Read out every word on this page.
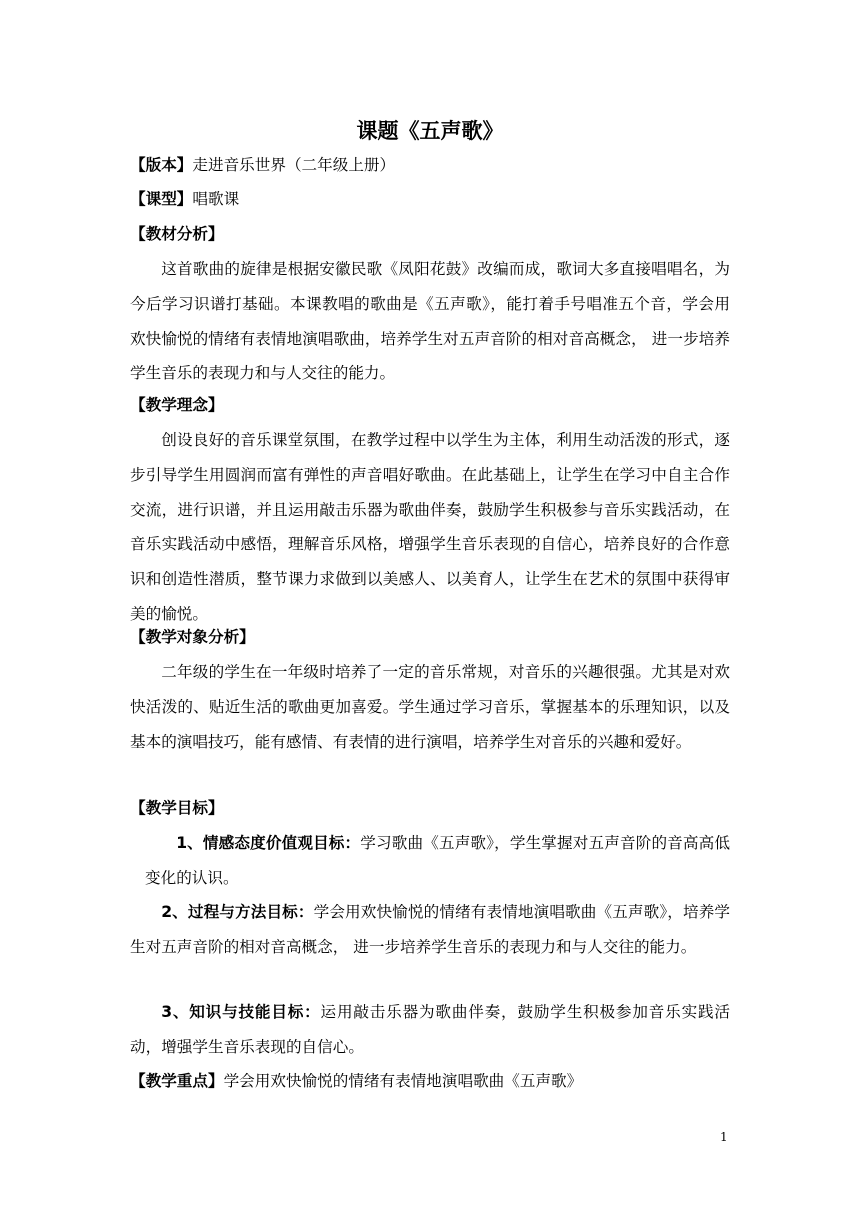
课题《五声歌》
【版本】走进音乐世界（二年级上册）
【课型】唱歌课
【教材分析】
这首歌曲的旋律是根据安徽民歌《凤阳花鼓》改编而成，歌词大多直接唱唱名，为今后学习识谱打基础。本课教唱的歌曲是《五声歌》，能打着手号唱准五个音，学会用欢快愉悦的情绪有表情地演唱歌曲，培养学生对五声音阶的相对音高概念， 进一步培养学生音乐的表现力和与人交往的能力。
【教学理念】
创设良好的音乐课堂氛围，在教学过程中以学生为主体，利用生动活泼的形式，逐步引导学生用圆润而富有弹性的声音唱好歌曲。在此基础上，让学生在学习中自主合作交流，进行识谱，并且运用敲击乐器为歌曲伴奏，鼓励学生积极参与音乐实践活动，在音乐实践活动中感悟，理解音乐风格，增强学生音乐表现的自信心，培养良好的合作意识和创造性潜质，整节课力求做到以美感人、以美育人，让学生在艺术的氛围中获得审美的愉悦。
【教学对象分析】
二年级的学生在一年级时培养了一定的音乐常规，对音乐的兴趣很强。尤其是对欢快活泼的、贴近生活的歌曲更加喜爱。学生通过学习音乐，掌握基本的乐理知识，以及基本的演唱技巧，能有感情、有表情的进行演唱，培养学生对音乐的兴趣和爱好。
【教学目标】
1、情感态度价值观目标：学习歌曲《五声歌》，学生掌握对五声音阶的音高高低变化的认识。
2、过程与方法目标：学会用欢快愉悦的情绪有表情地演唱歌曲《五声歌》，培养学生对五声音阶的相对音高概念， 进一步培养学生音乐的表现力和与人交往的能力。
3、知识与技能目标：运用敲击乐器为歌曲伴奏，鼓励学生积极参加音乐实践活动，增强学生音乐表现的自信心。
【教学重点】学会用欢快愉悦的情绪有表情地演唱歌曲《五声歌》
1
